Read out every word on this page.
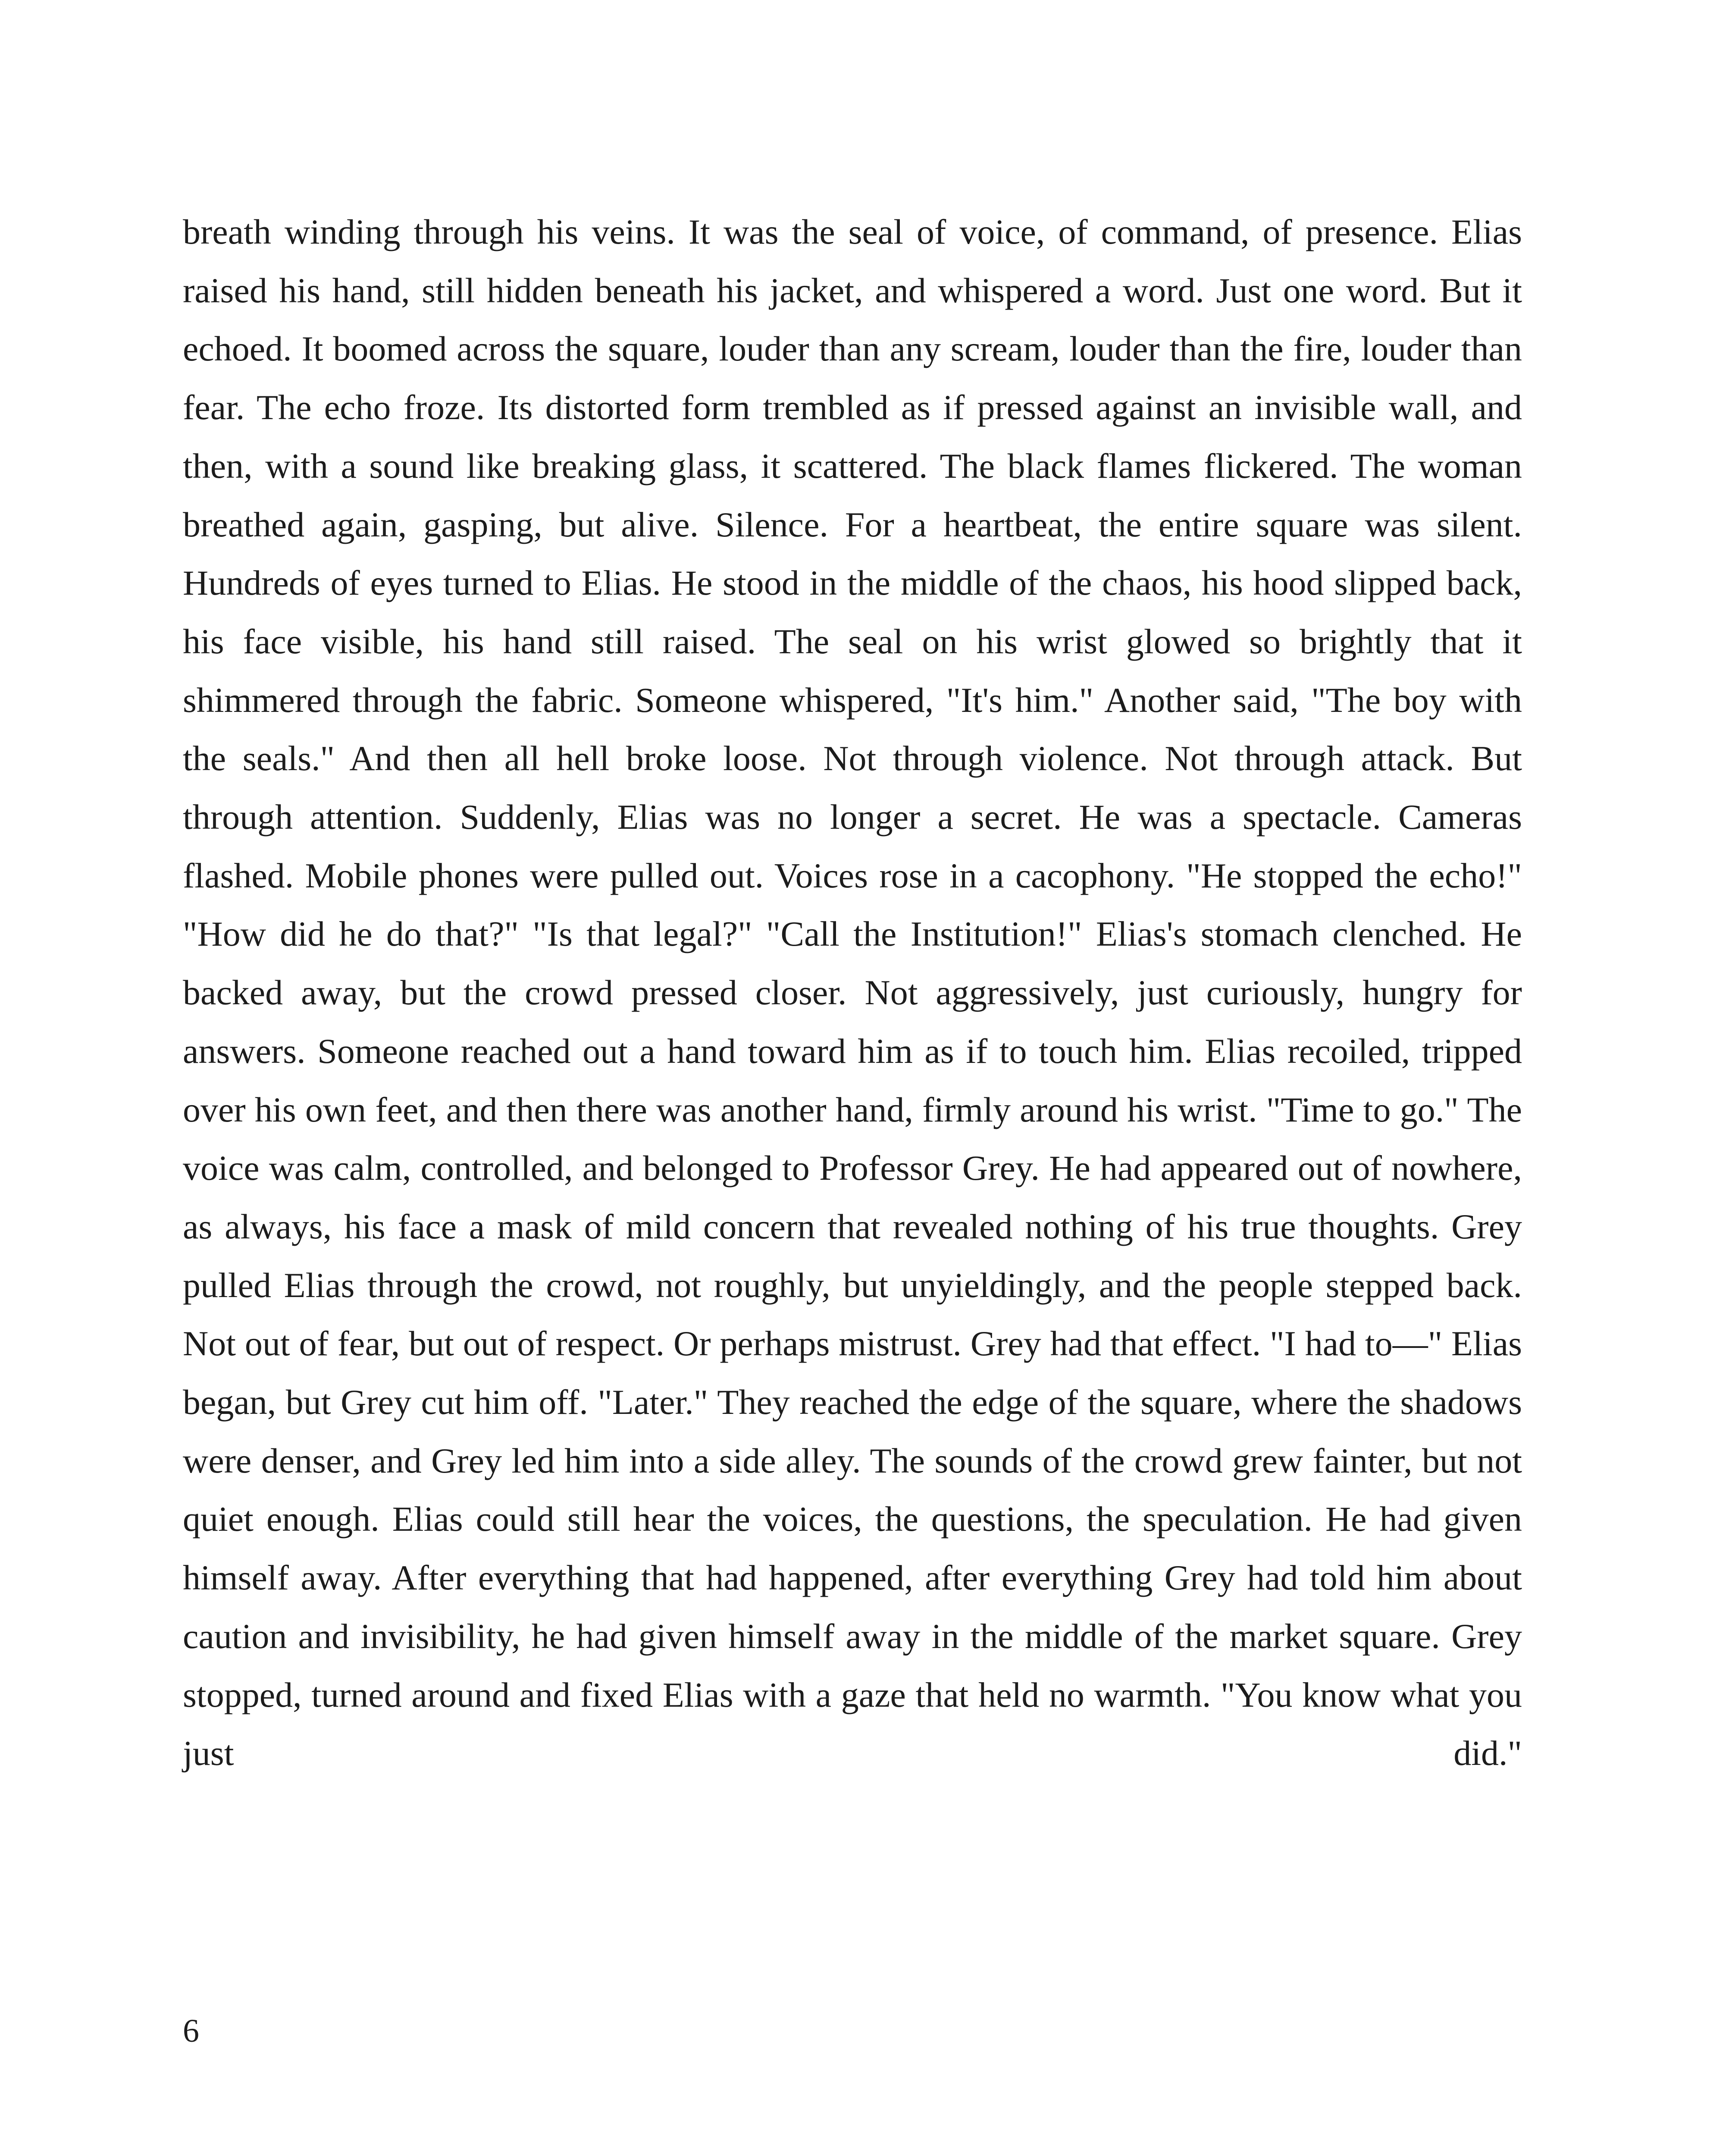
breath winding through his veins. It was the seal of voice, of command, of presence. Elias raised his hand, still hidden beneath his jacket, and whispered a word. Just one word. But it echoed. It boomed across the square, louder than any scream, louder than the fire, louder than fear. The echo froze. Its distorted form trembled as if pressed against an invisible wall, and then, with a sound like breaking glass, it scattered. The black flames flickered. The woman breathed again, gasping, but alive. Silence. For a heartbeat, the entire square was silent. Hundreds of eyes turned to Elias. He stood in the middle of the chaos, his hood slipped back, his face visible, his hand still raised. The seal on his wrist glowed so brightly that it shimmered through the fabric. Someone whispered, "It's him." Another said, "The boy with the seals." And then all hell broke loose. Not through violence. Not through attack. But through attention. Suddenly, Elias was no longer a secret. He was a spectacle. Cameras flashed. Mobile phones were pulled out. Voices rose in a cacophony. "He stopped the echo!" "How did he do that?" "Is that legal?" "Call the Institution!" Elias's stomach clenched. He backed away, but the crowd pressed closer. Not aggressively, just curiously, hungry for answers. Someone reached out a hand toward him as if to touch him. Elias recoiled, tripped over his own feet, and then there was another hand, firmly around his wrist. "Time to go." The voice was calm, controlled, and belonged to Professor Grey. He had appeared out of nowhere, as always, his face a mask of mild concern that revealed nothing of his true thoughts. Grey pulled Elias through the crowd, not roughly, but unyieldingly, and the people stepped back. Not out of fear, but out of respect. Or perhaps mistrust. Grey had that effect. "I had to—" Elias began, but Grey cut him off. "Later." They reached the edge of the square, where the shadows were denser, and Grey led him into a side alley. The sounds of the crowd grew fainter, but not quiet enough. Elias could still hear the voices, the questions, the speculation. He had given himself away. After everything that had happened, after everything Grey had told him about caution and invisibility, he had given himself away in the middle of the market square. Grey stopped, turned around and fixed Elias with a gaze that held no warmth. "You know what you just did."

6
